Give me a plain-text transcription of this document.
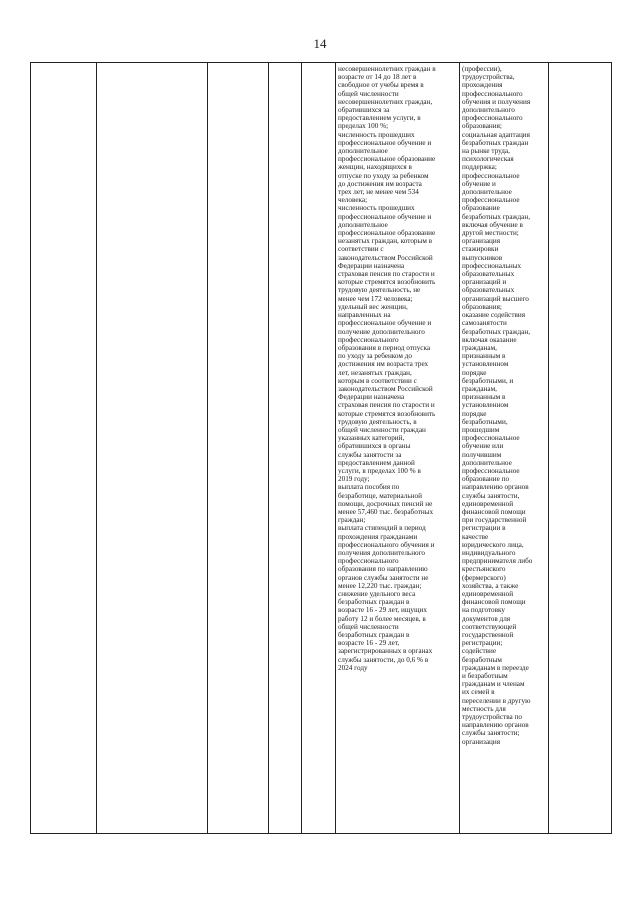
14
несовершеннолетних граждан в
возрасте от 14 до 18 лет в
свободное от учебы время в
общей численности
несовершеннолетних граждан,
обратившихся за
предоставлением услуги, в
пределах 100 %;
численность прошедших
профессиональное обучение и
дополнительное
профессиональное образование
женщин, находящихся в
отпуске по уходу за ребенком
до достижения им возраста
трех лет, не менее чем 534
человека;
численность прошедших
профессиональное обучение и
дополнительное
профессиональное образование
незанятых граждан, которым в
соответствии с
законодательством Российской
Федерации назначена
страховая пенсия по старости и
которые стремятся возобновить
трудовую деятельность, не
менее чем 172 человека;
удельный вес женщин,
направленных на
профессиональное обучение и
получение дополнительного
профессионального
образования в период отпуска
по уходу за ребенком до
достижения им возраста трех
лет, незанятых граждан,
которым в соответствии с
законодательством Российской
Федерации назначена
страховая пенсия по старости и
которые стремятся возобновить
трудовую деятельность, в
общей численности граждан
указанных категорий,
обратившихся в органы
службы занятости за
предоставлением данной
услуги, в пределах 100 % в
2019 году;
выплата пособия по
безработице, материальной
помощи, досрочных пенсий не
менее 57,460 тыс. безработных
граждан;
выплата стипендий в период
прохождения гражданами
профессионального обучения и
получения дополнительного
профессионального
образования по направлению
органов службы занятости не
менее 12,220 тыс. граждан;
снижение удельного веса
безработных граждан в
возрасте 16 - 29 лет, ищущих
работу 12 и более месяцев, в
общей численности
безработных граждан в
возрасте 16 - 29 лет,
зарегистрированных в органах
службы занятости, до 0,6 % в
2024 году
(профессии),
трудоустройства,
прохождения
профессионального
обучения и получения
дополнительного
профессионального
образования;
социальная адаптация
безработных граждан
на рынке труда,
психологическая
поддержка;
профессиональное
обучение и
дополнительное
профессиональное
образование
безработных граждан,
включая обучение в
другой местности;
организация
стажировки
выпускников
профессиональных
образовательных
организаций и
образовательных
организаций высшего
образования;
оказание содействия
самозанятости
безработных граждан,
включая оказание
гражданам,
признанным в
установленном
порядке
безработными, и
гражданам,
признанным в
установленном
порядке
безработными,
прошедшим
профессиональное
обучение или
получившим
дополнительное
профессиональное
образование по
направлению органов
службы занятости,
единовременной
финансовой помощи
при государственной
регистрации в
качестве
юридического лица,
индивидуального
предпринимателя либо
крестьянского
(фермерского)
хозяйства, а также
единовременной
финансовой помощи
на подготовку
документов для
соответствующей
государственной
регистрации;
содействие
безработным
гражданам в переезде
и безработным
гражданам и членам
их семей в
переселении в другую
местность для
трудоустройства по
направлению органов
службы занятости;
организация
